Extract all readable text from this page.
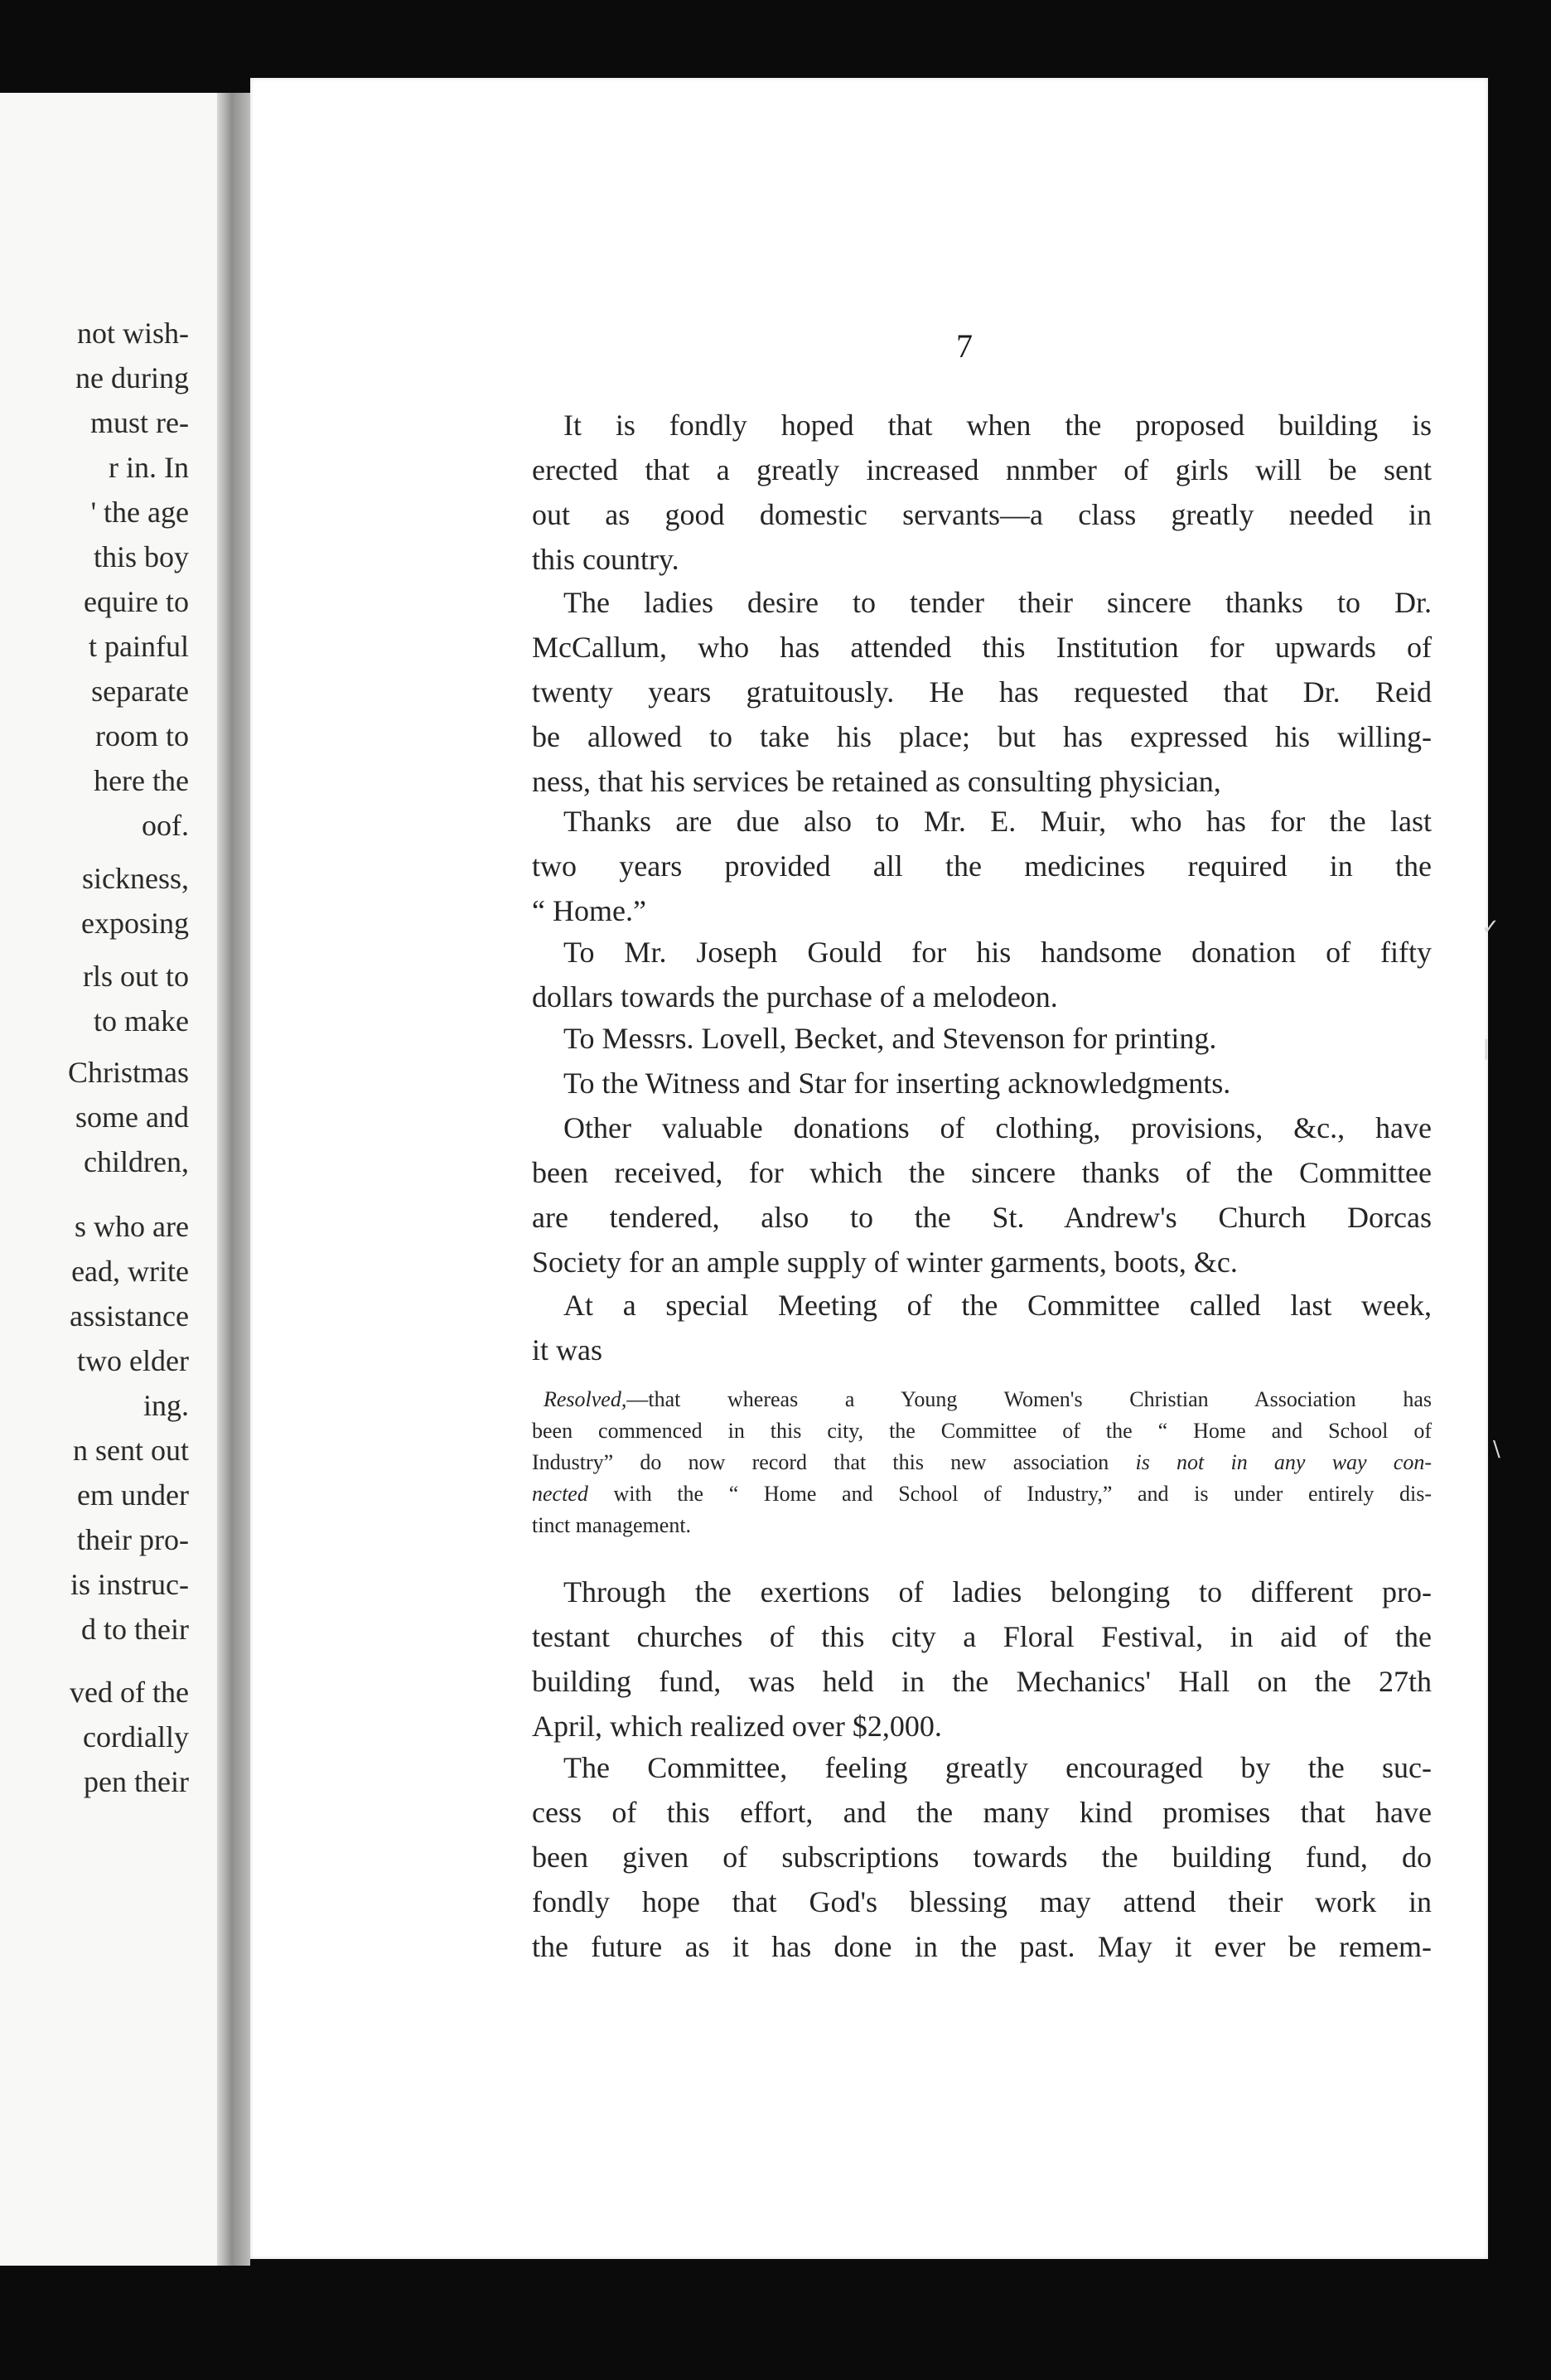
not wish-
ne during
must re-
r in. In
' the age
this boy
equire to
t painful
separate
room to
here the
oof.
sickness,
exposing
rls out to
to make
Christmas
some and
children,
s who are
ead, write
assistance
two elder
ing.
n sent out
em under
their pro-
is instruc-
d to their
ved of the
cordially
pen their
✓
ǀ
\
7
It is fondly hoped that when the proposed building is
erected that a greatly increased nnmber of girls will be sent
out as good domestic servants—a class greatly needed in
this country.
The ladies desire to tender their sincere thanks to Dr.
McCallum, who has attended this Institution for upwards of
twenty years gratuitously. He has requested that Dr. Reid
be allowed to take his place; but has expressed his willing-
ness, that his services be retained as consulting physician,
Thanks are due also to Mr. E. Muir, who has for the last
two years provided all the medicines required in the
“ Home.”
To Mr. Joseph Gould for his handsome donation of fifty
dollars towards the purchase of a melodeon.
To Messrs. Lovell, Becket, and Stevenson for printing.
To the Witness and Star for inserting acknowledgments.
Other valuable donations of clothing, provisions, &c., have
been received, for which the sincere thanks of the Committee
are tendered, also to the St. Andrew's Church Dorcas
Society for an ample supply of winter garments, boots, &c.
At a special Meeting of the Committee called last week,
it was
Resolved,—that whereas a Young Women's Christian Association has
been commenced in this city, the Committee of the “ Home and School of
Industry” do now record that this new association is not in any way con-
nected with the “ Home and School of Industry,” and is under entirely dis-
tinct management.
Through the exertions of ladies belonging to different pro-
testant churches of this city a Floral Festival, in aid of the
building fund, was held in the Mechanics' Hall on the 27th
April, which realized over $2,000.
The Committee, feeling greatly encouraged by the suc-
cess of this effort, and the many kind promises that have
been given of subscriptions towards the building fund, do
fondly hope that God's blessing may attend their work in
the future as it has done in the past. May it ever be remem-
